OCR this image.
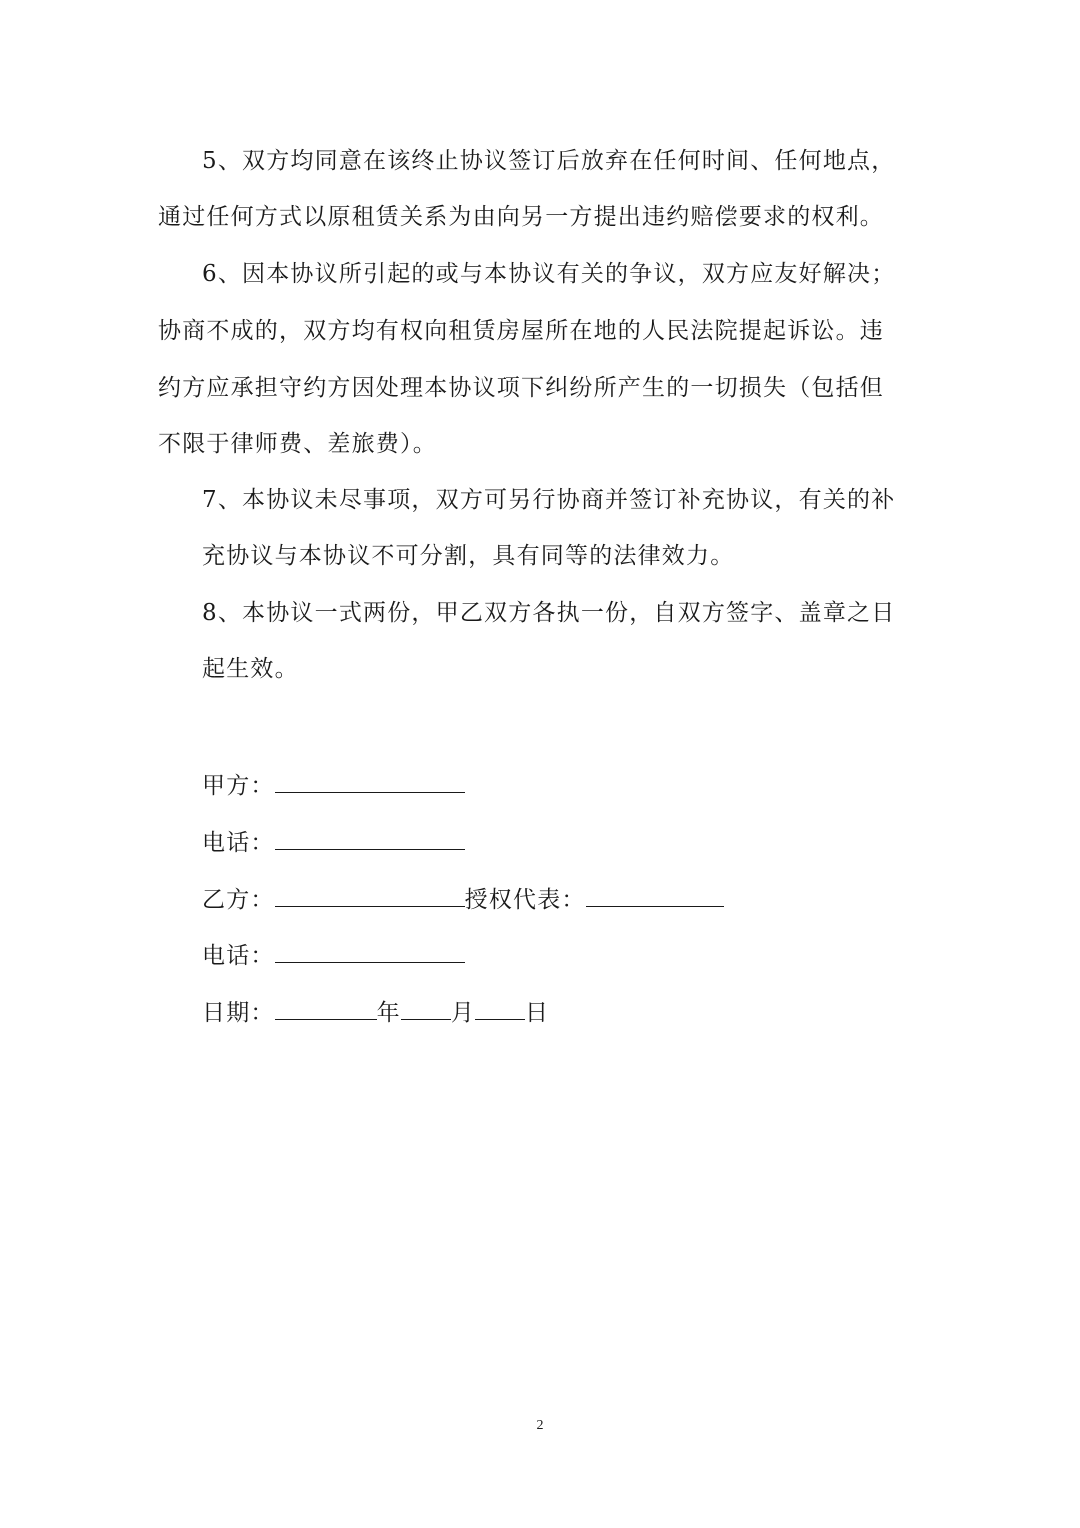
5、双方均同意在该终止协议签订后放弃在任何时间、任何地点，
通过任何方式以原租赁关系为由向另一方提出违约赔偿要求的权利。
6、因本协议所引起的或与本协议有关的争议，双方应友好解决；
协商不成的，双方均有权向租赁房屋所在地的人民法院提起诉讼。违
约方应承担守约方因处理本协议项下纠纷所产生的一切损失（包括但
不限于律师费、差旅费）。
7、本协议未尽事项，双方可另行协商并签订补充协议，有关的补
充协议与本协议不可分割，具有同等的法律效力。
8、本协议一式两份，甲乙双方各执一份，自双方签字、盖章之日
起生效。
甲方：
电话：
乙方：	授权代表：
电话：
日期：	年 月 日
2
